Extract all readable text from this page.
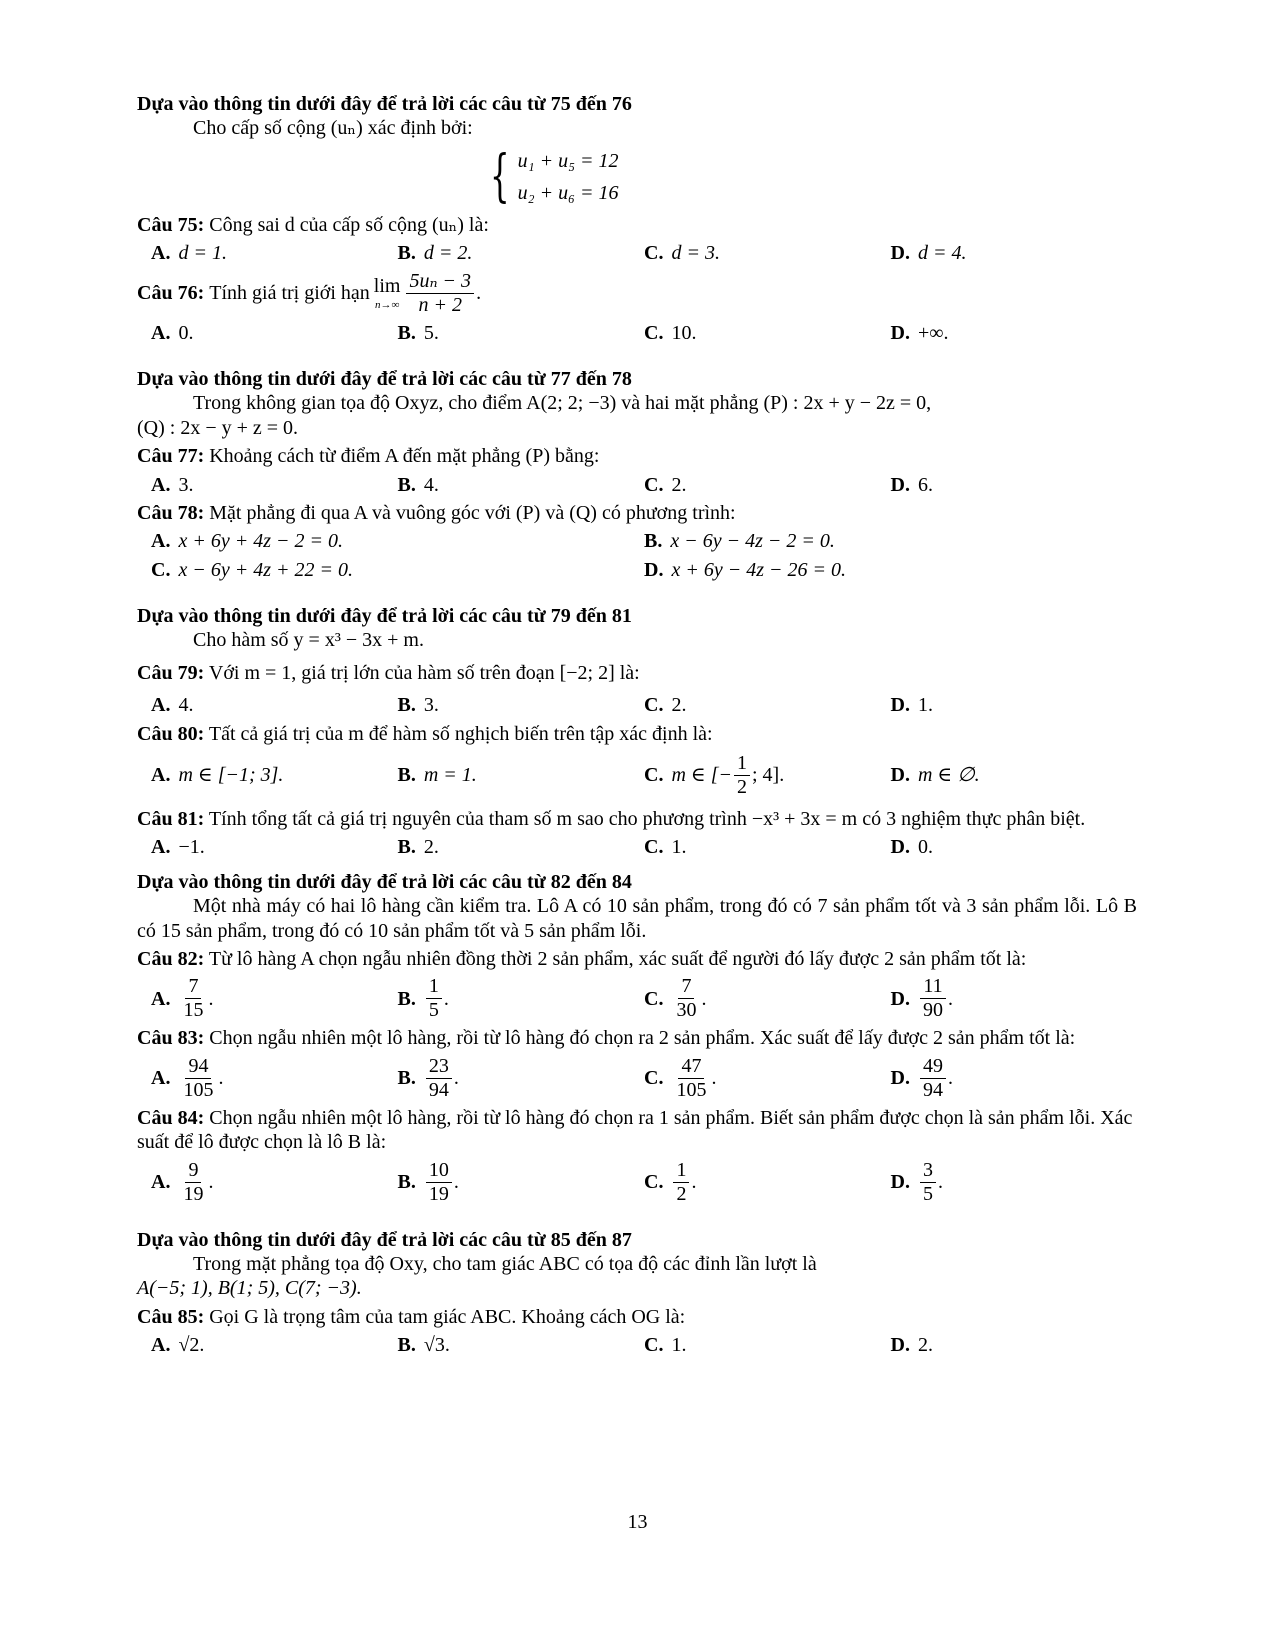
Dựa vào thông tin dưới đây để trả lời các câu từ 75 đến 76
Cho cấp số cộng (uₙ) xác định bởi:
{ u₁ + u₅ = 12
u₂ + u₆ = 16
Câu 75: Công sai d của cấp số cộng (uₙ) là:
A. d = 1.	B. d = 2.	C. d = 3.	D. d = 4.
Câu 76:
Tính giá trị giới hạn lim
$n\to\infty \frac{\text{5uₙ − 3}}{n + 2}$ .
A. 0.	B. 5.	C. 10.	D. +∞.
Dựa vào thông tin dưới đây để trả lời các câu từ 77 đến 78
Trong không gian tọa độ Oxyz, cho điểm A(2; 2; −3) và hai mặt phẳng (P) : 2x + y − 2z = 0,
(Q) : 2x − y + z = 0.
Câu 77: Khoảng cách từ điểm A đến mặt phẳng (P) bằng:
A. 3.	B. 4.	C. 2.	D. 6.
Câu 78: Mặt phẳng đi qua A và vuông góc với (P) và (Q) có phương trình:
A. x + 6y + 4z − 2 = 0.	B. x − 6y − 4z − 2 = 0.
C. x − 6y + 4z + 22 = 0.	D. x + 6y − 4z − 26 = 0.
Dựa vào thông tin dưới đây để trả lời các câu từ 79 đến 81
Cho hàm số y = x³ − 3x + m.
Câu 79: Với m = 1, giá trị lớn của hàm số trên đoạn [−2; 2] là:
A. 4.	B. 3.	C. 2.	D. 1.
Câu 80: Tất cả giá trị của m để hàm số nghịch biến trên tập xác định là:
A. m ∈ [−1; 3].	B. m = 1.	C. m ∈ [− $\frac{1}{2}$ ; 4].	D. m ∈ ∅.
Câu 81: Tính tổng tất cả giá trị nguyên của tham số m sao cho phương trình −x³ + 3x = m có 3 nghiệm thực phân biệt.
A. −1.	B. 2.	C. 1.	D. 0.
Dựa vào thông tin dưới đây để trả lời các câu từ 82 đến 84
Một nhà máy có hai lô hàng cần kiểm tra. Lô A có 10 sản phẩm, trong đó có 7 sản phẩm tốt và 3 sản phẩm lỗi. Lô B có 15 sản phẩm, trong đó có 10 sản phẩm tốt và 5 sản phẩm lỗi.
Câu 82: Từ lô hàng A chọn ngẫu nhiên đồng thời 2 sản phẩm, xác suất để người đó lấy được 2 sản phẩm tốt là:
A. $\frac{7}{15}$ .	B. $\frac{1}{5}$ .	C. $\frac{7}{30}$ .	D. $\frac{11}{90}$ .
Câu 83: Chọn ngẫu nhiên một lô hàng, rồi từ lô hàng đó chọn ra 2 sản phẩm. Xác suất để lấy được 2 sản phẩm tốt là:
A. $\frac{94}{105}$ .	B. $\frac{23}{94}$ .	C. $\frac{47}{105}$ .	D. $\frac{49}{94}$ .
Câu 84: Chọn ngẫu nhiên một lô hàng, rồi từ lô hàng đó chọn ra 1 sản phẩm. Biết sản phẩm được chọn là sản phẩm lỗi. Xác suất để lô được chọn là lô B là:
A. $\frac{9}{19}$ .	B. $\frac{10}{19}$ .	C. $\frac{1}{2}$ .	D. $\frac{3}{5}$ .
Dựa vào thông tin dưới đây để trả lời các câu từ 85 đến 87
Trong mặt phẳng tọa độ Oxy, cho tam giác ABC có tọa độ các đỉnh lần lượt là
A(−5; 1), B(1; 5), C(7; −3).
Câu 85: Gọi G là trọng tâm của tam giác ABC. Khoảng cách OG là:
A. √2.	B. √3.	C. 1.	D. 2.
13
